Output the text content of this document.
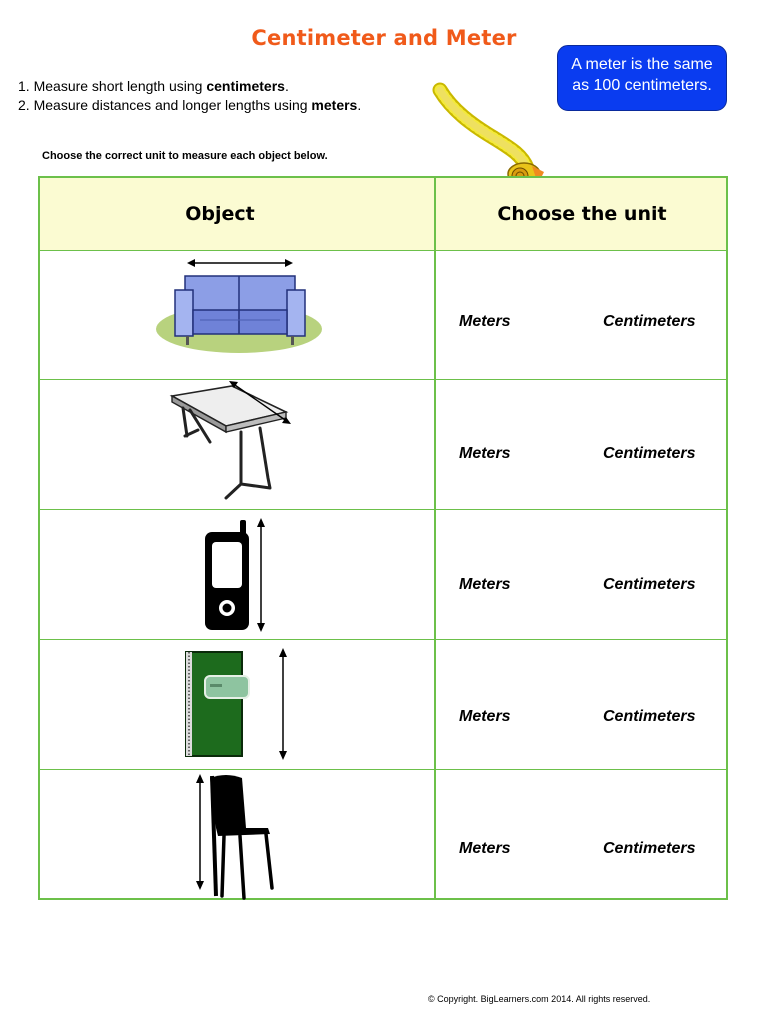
Centimeter and Meter
1. Measure short length using centimeters.
2. Measure distances and longer lengths using meters.
A meter is the same
as 100 centimeters.
Choose the correct unit to measure each object below.
Object	Choose the unit
Meters	Centimeters
Meters	Centimeters
Meters	Centimeters
Meters	Centimeters
Meters	Centimeters
© Copyright. BigLearners.com 2014. All rights reserved.
